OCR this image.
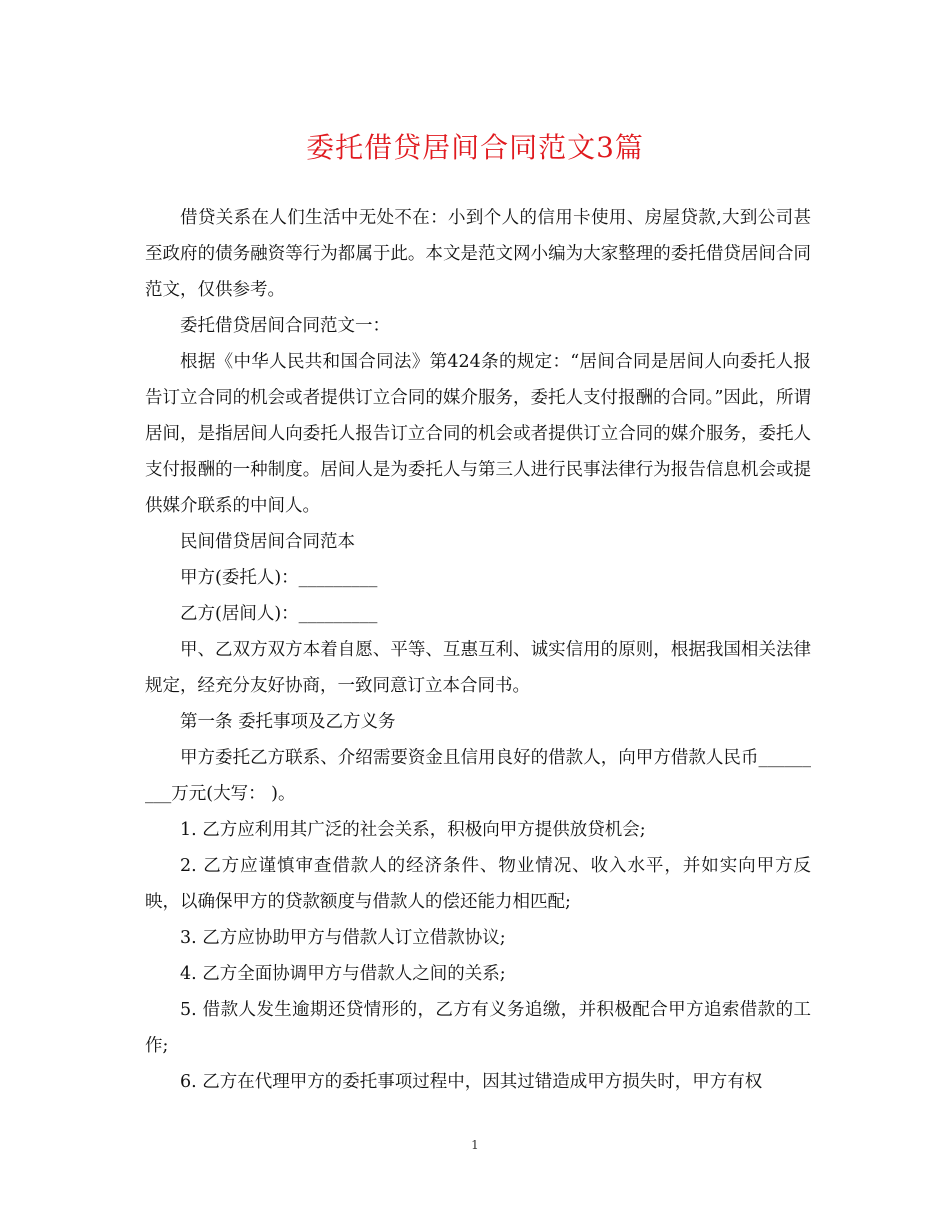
委托借贷居间合同范文3篇

借贷关系在人们生活中无处不在：小到个人的信用卡使用、房屋贷款,大到公司甚至政府的债务融资等行为都属于此。本文是范文网小编为大家整理的委托借贷居间合同范文，仅供参考。

委托借贷居间合同范文一：

根据《中华人民共和国合同法》第424条的规定：“居间合同是居间人向委托人报告订立合同的机会或者提供订立合同的媒介服务，委托人支付报酬的合同。”因此，所谓居间，是指居间人向委托人报告订立合同的机会或者提供订立合同的媒介服务，委托人支付报酬的一种制度。居间人是为委托人与第三人进行民事法律行为报告信息机会或提供媒介联系的中间人。

民间借贷居间合同范本

甲方(委托人)：_________

乙方(居间人)：_________

甲、乙双方双方本着自愿、平等、互惠互利、诚实信用的原则，根据我国相关法律规定，经充分友好协商，一致同意订立本合同书。

第一条 委托事项及乙方义务

甲方委托乙方联系、介绍需要资金且信用良好的借款人，向甲方借款人民币_________万元(大写： )。

1. 乙方应利用其广泛的社会关系，积极向甲方提供放贷机会;

2. 乙方应谨慎审查借款人的经济条件、物业情况、收入水平，并如实向甲方反映，以确保甲方的贷款额度与借款人的偿还能力相匹配;

3. 乙方应协助甲方与借款人订立借款协议;

4. 乙方全面协调甲方与借款人之间的关系;

5. 借款人发生逾期还贷情形的，乙方有义务追缴，并积极配合甲方追索借款的工作;

6. 乙方在代理甲方的委托事项过程中，因其过错造成甲方损失时，甲方有权

1
